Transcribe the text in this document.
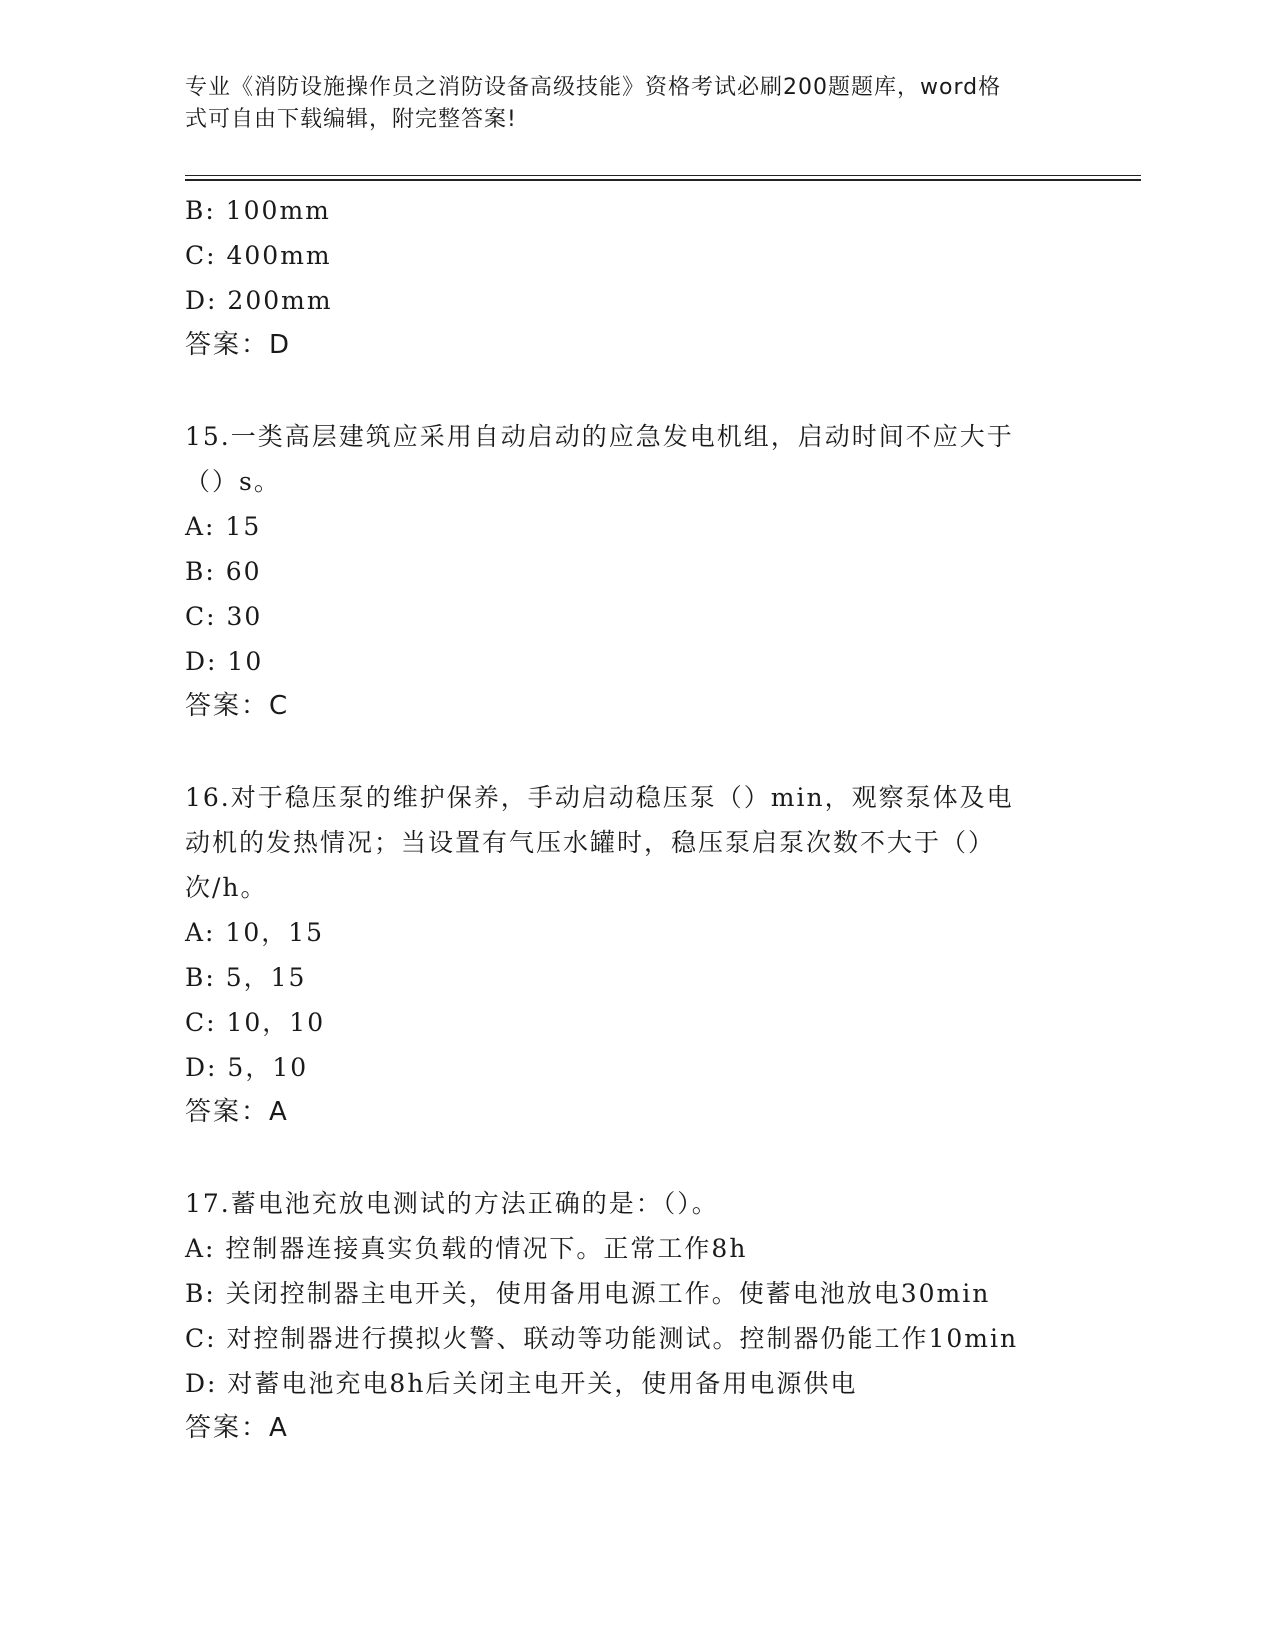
专业《消防设施操作员之消防设备高级技能》资格考试必刷200题题库，word格
式可自由下载编辑，附完整答案!
B: 100mm
C: 400mm
D: 200mm
答案：D
15.一类高层建筑应采用自动启动的应急发电机组，启动时间不应大于
（）s。
A: 15
B: 60
C: 30
D: 10
答案：C
16.对于稳压泵的维护保养，手动启动稳压泵（）min，观察泵体及电
动机的发热情况；当设置有气压水罐时，稳压泵启泵次数不大于（）
次/h。
A: 10，15
B: 5，15
C: 10，10
D: 5，10
答案：A
17.蓄电池充放电测试的方法正确的是：（）。
A: 控制器连接真实负载的情况下。正常工作8h
B: 关闭控制器主电开关，使用备用电源工作。使蓄电池放电30min
C: 对控制器进行摸拟火警、联动等功能测试。控制器仍能工作10min
D: 对蓄电池充电8h后关闭主电开关，使用备用电源供电
答案：A
